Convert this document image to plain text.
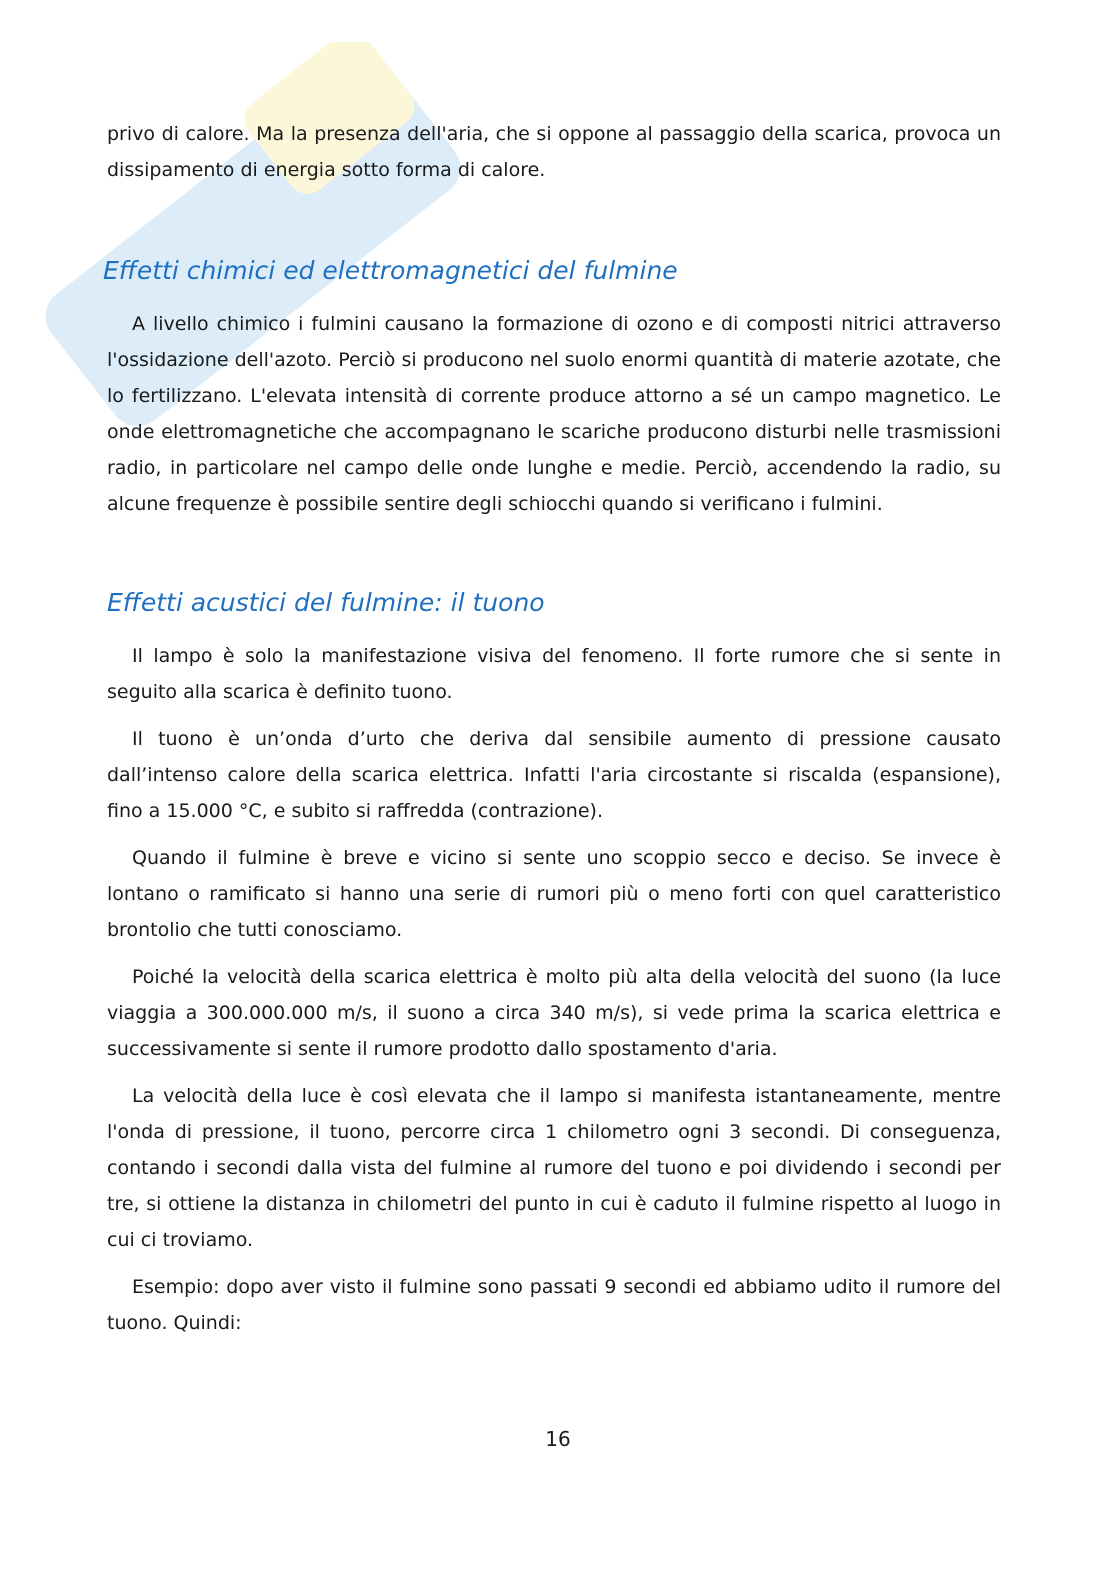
privo di calore. Ma la presenza dell'aria, che si oppone al passaggio della scarica, provoca un dissipamento di energia sotto forma di calore.

Effetti chimici ed elettromagnetici del fulmine

A livello chimico i fulmini causano la formazione di ozono e di composti nitrici attraverso l'ossidazione dell'azoto. Perciò si producono nel suolo enormi quantità di materie azotate, che lo fertilizzano. L'elevata intensità di corrente produce attorno a sé un campo magnetico. Le onde elettromagnetiche che accompagnano le scariche producono disturbi nelle trasmissioni radio, in particolare nel campo delle onde lunghe e medie. Perciò, accendendo la radio, su alcune frequenze è possibile sentire degli schiocchi quando si verificano i fulmini.

Effetti acustici del fulmine: il tuono

Il lampo è solo la manifestazione visiva del fenomeno. Il forte rumore che si sente in seguito alla scarica è definito tuono.

Il tuono è un’onda d’urto che deriva dal sensibile aumento di pressione causato dall’intenso calore della scarica elettrica. Infatti l'aria circostante si riscalda (espansione), fino a 15.000 °C, e subito si raffredda (contrazione).

Quando il fulmine è breve e vicino si sente uno scoppio secco e deciso. Se invece è lontano o ramificato si hanno una serie di rumori più o meno forti con quel caratteristico brontolio che tutti conosciamo.

Poiché la velocità della scarica elettrica è molto più alta della velocità del suono (la luce viaggia a 300.000.000 m/s, il suono a circa 340 m/s), si vede prima la scarica elettrica e successivamente si sente il rumore prodotto dallo spostamento d'aria.

La velocità della luce è così elevata che il lampo si manifesta istantaneamente, mentre l'onda di pressione, il tuono, percorre circa 1 chilometro ogni 3 secondi. Di conseguenza, contando i secondi dalla vista del fulmine al rumore del tuono e poi dividendo i secondi per tre, si ottiene la distanza in chilometri del punto in cui è caduto il fulmine rispetto al luogo in cui ci troviamo.

Esempio: dopo aver visto il fulmine sono passati 9 secondi ed abbiamo udito il rumore del tuono. Quindi:

16
